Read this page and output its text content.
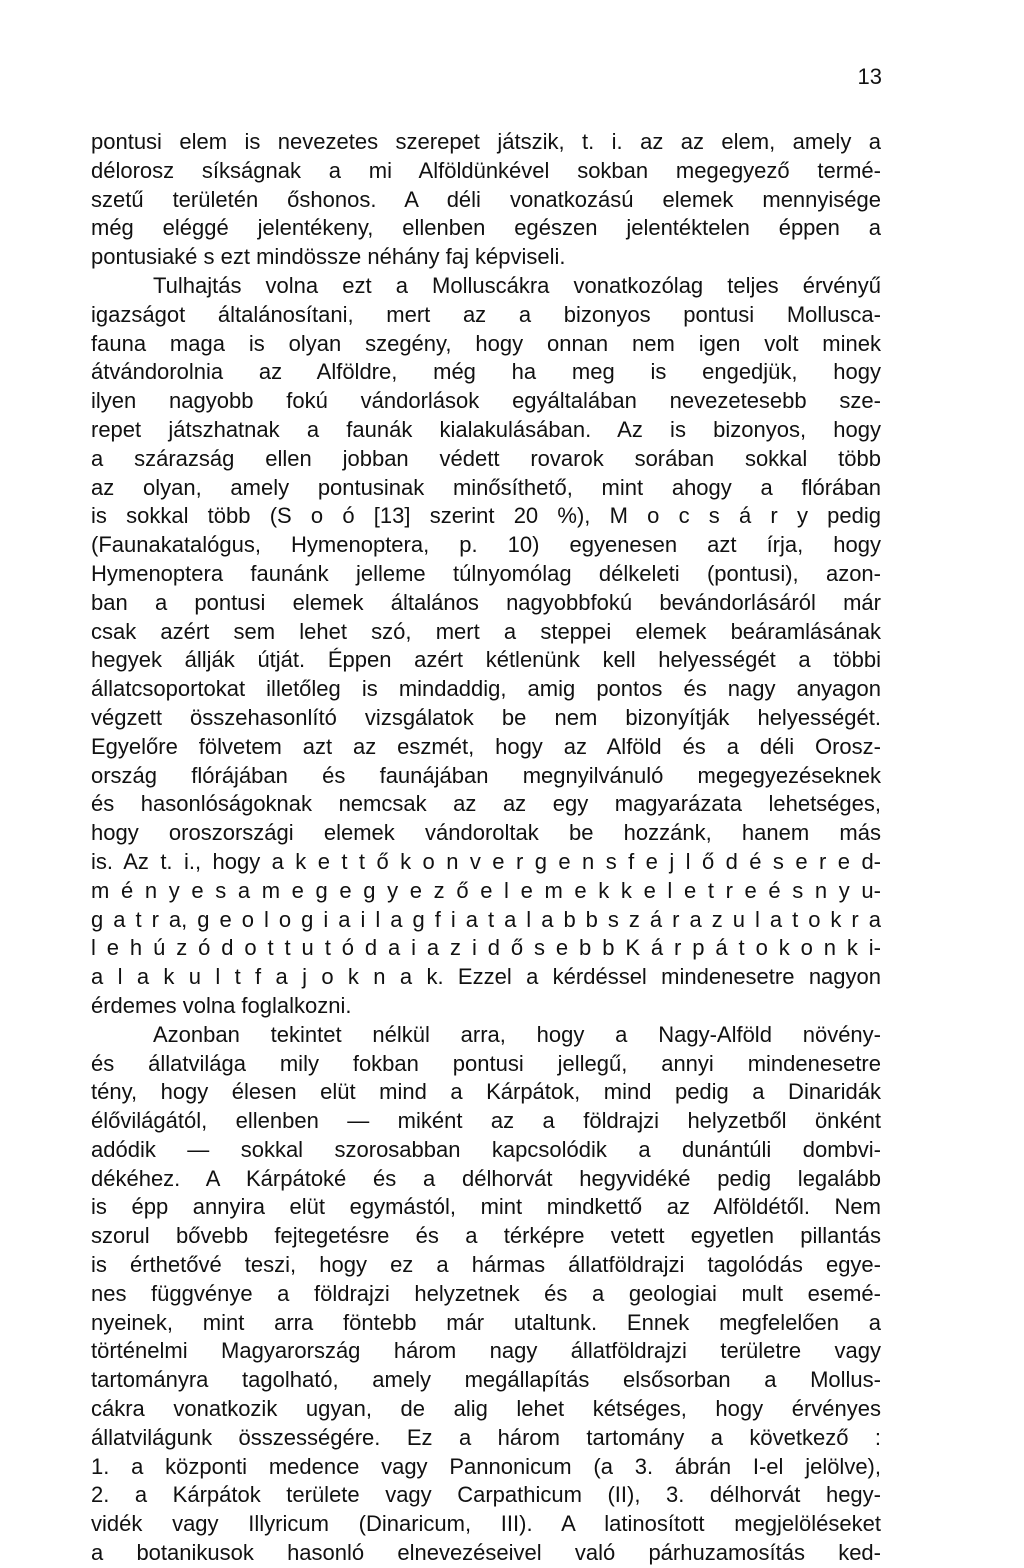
13
pontusi elem is nevezetes szerepet játszik, t. i. az az elem, amely a
délorosz síkságnak a mi Alföldünkével sokban megegyező termé-
szetű területén őshonos. A déli vonatkozású elemek mennyisége
még eléggé jelentékeny, ellenben egészen jelentéktelen éppen a
pontusiaké s ezt mindössze néhány faj képviseli.
Tulhajtás volna ezt a Molluscákra vonatkozólag teljes érvényű
igazságot általánosítani, mert az a bizonyos pontusi Mollusca-
fauna maga is olyan szegény, hogy onnan nem igen volt minek
átvándorolnia az Alföldre, még ha meg is engedjük, hogy
ilyen nagyobb fokú vándorlások egyáltalában nevezetesebb sze-
repet játszhatnak a faunák kialakulásában. Az is bizonyos, hogy
a szárazság ellen jobban védett rovarok sorában sokkal több
az olyan, amely pontusinak minősíthető, mint ahogy a flórában
is sokkal több (S o ó [13] szerint 20 %), M o c s á r y pedig
(Faunakatalógus, Hymenoptera, p. 10) egyenesen azt írja, hogy
Hymenoptera faunánk jelleme túlnyomólag délkeleti (pontusi), azon-
ban a pontusi elemek általános nagyobbfokú bevándorlásáról már
csak azért sem lehet szó, mert a steppei elemek beáramlásának
hegyek állják útját. Éppen azért kétlenünk kell helyességét a többi
állatcsoportokat illetőleg is mindaddig, amig pontos és nagy anyagon
végzett összehasonlító vizsgálatok be nem bizonyítják helyességét.
Egyelőre fölvetem azt az eszmét, hogy az Alföld és a déli Orosz-
ország flórájában és faunájában megnyilvánuló megegyezéseknek
és hasonlóságoknak nemcsak az az egy magyarázata lehetséges,
hogy oroszországi elemek vándoroltak be hozzánk, hanem más
is. Az t. i., hogy a k e t t ő k o n v e r g e n s f e j l ő d é s e r e d-
m é n y e s a m e g e g y e z ő e l e m e k k e l e t r e é s n y u-
g a t r a, g e o l o g i a i l a g f i a t a l a b b s z á r a z u l a t o k r a
l e h ú z ó d o t t u t ó d a i a z i d ő s e b b K á r p á t o k o n k i-
a l a k u l t f a j o k n a k. Ezzel a kérdéssel mindenesetre nagyon
érdemes volna foglalkozni.
Azonban tekintet nélkül arra, hogy a Nagy-Alföld növény-
és állatvilága mily fokban pontusi jellegű, annyi mindenesetre
tény, hogy élesen elüt mind a Kárpátok, mind pedig a Dinaridák
élővilágától, ellenben — miként az a földrajzi helyzetből önként
adódik — sokkal szorosabban kapcsolódik a dunántúli dombvi-
dékéhez. A Kárpátoké és a délhorvát hegyvidéké pedig legalább
is épp annyira elüt egymástól, mint mindkettő az Alföldétől. Nem
szorul bővebb fejtegetésre és a térképre vetett egyetlen pillantás
is érthetővé teszi, hogy ez a hármas állatföldrajzi tagolódás egye-
nes függvénye a földrajzi helyzetnek és a geologiai mult esemé-
nyeinek, mint arra föntebb már utaltunk. Ennek megfelelően a
történelmi Magyarország három nagy állatföldrajzi területre vagy
tartományra tagolható, amely megállapítás elsősorban a Mollus-
cákra vonatkozik ugyan, de alig lehet kétséges, hogy érvényes
állatvilágunk összességére. Ez a három tartomány a következő :
1. a központi medence vagy Pannonicum (a 3. ábrán I-el jelölve),
2. a Kárpátok területe vagy Carpathicum (II), 3. délhorvát hegy-
vidék vagy Illyricum (Dinaricum, III). A latinosított megjelöléseket
a botanikusok hasonló elnevezéseivel való párhuzamosítás ked-
